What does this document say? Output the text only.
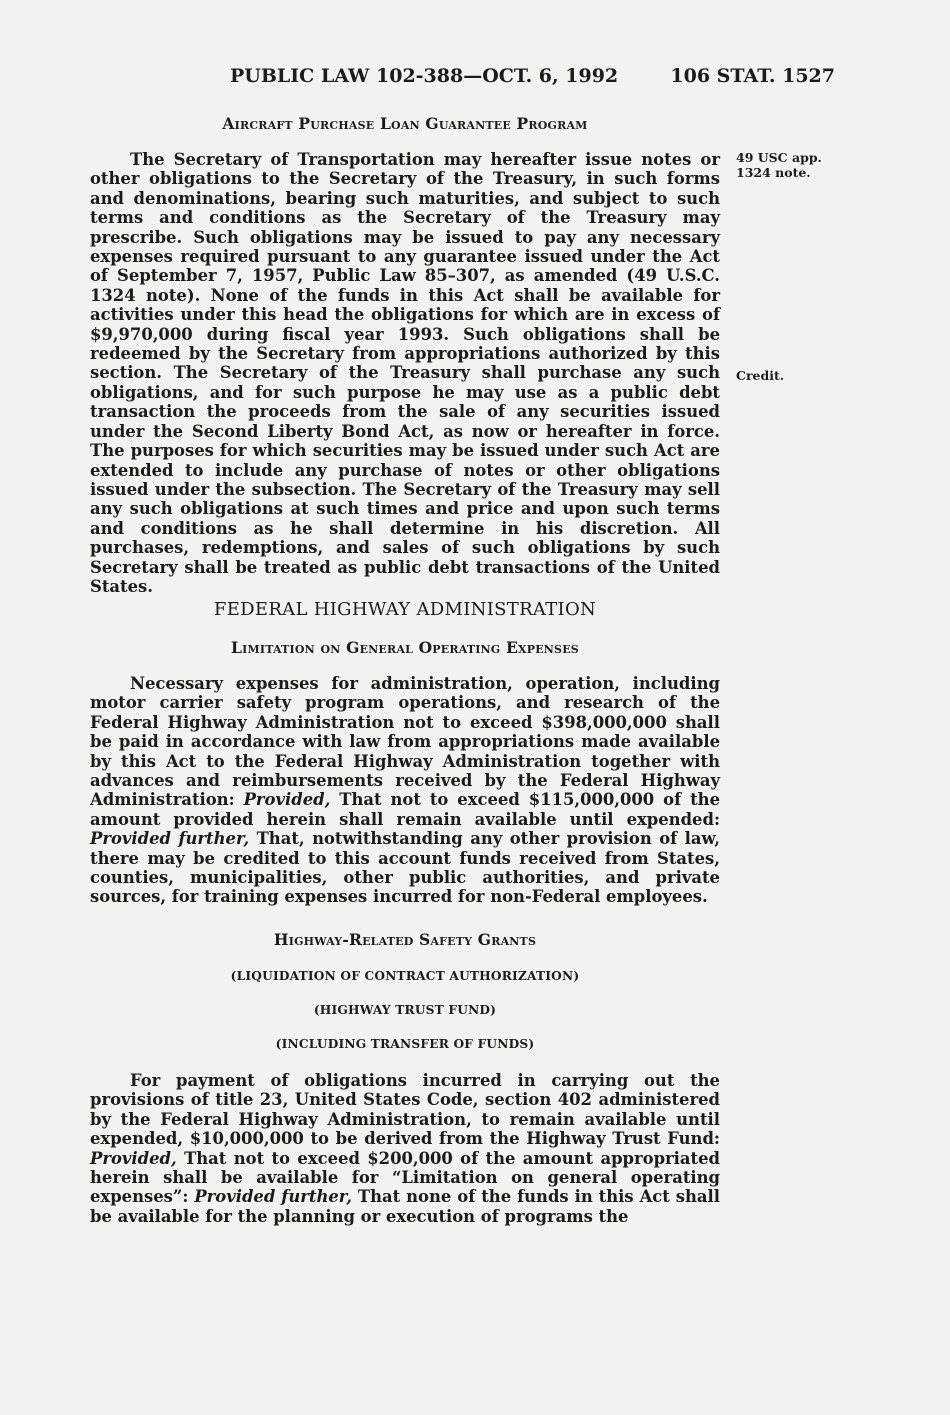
PUBLIC LAW 102-388—OCT. 6, 1992	106 STAT. 1527
Aircraft Purchase Loan Guarantee Program

The Secretary of Transportation may hereafter issue notes or other obligations to the Secretary of the Treasury, in such forms and denominations, bearing such maturities, and subject to such terms and conditions as the Secretary of the Treasury may prescribe. Such obligations may be issued to pay any necessary expenses required pursuant to any guarantee issued under the Act of September 7, 1957, Public Law 85–307, as amended (49 U.S.C. 1324 note). None of the funds in this Act shall be available for activities under this head the obligations for which are in excess of $9,970,000 during fiscal year 1993. Such obligations shall be redeemed by the Secretary from appropriations authorized by this section. The Secretary of the Treasury shall purchase any such obligations, and for such purpose he may use as a public debt transaction the proceeds from the sale of any securities issued under the Second Liberty Bond Act, as now or hereafter in force. The purposes for which securities may be issued under such Act are extended to include any purchase of notes or other obligations issued under the subsection. The Secretary of the Treasury may sell any such obligations at such times and price and upon such terms and conditions as he shall determine in his discretion. All purchases, redemptions, and sales of such obligations by such Secretary shall be treated as public debt transactions of the United States.

FEDERAL HIGHWAY ADMINISTRATION
Limitation on General Operating Expenses

Necessary expenses for administration, operation, including motor carrier safety program operations, and research of the Federal Highway Administration not to exceed $398,000,000 shall be paid in accordance with law from appropriations made available by this Act to the Federal Highway Administration together with advances and reimbursements received by the Federal Highway Administration: Provided, That not to exceed $115,000,000 of the amount provided herein shall remain available until expended: Provided further, That, notwithstanding any other provision of law, there may be credited to this account funds received from States, counties, municipalities, other public authorities, and private sources, for training expenses incurred for non-Federal employees.

Highway-Related Safety Grants
(LIQUIDATION OF CONTRACT AUTHORIZATION)
(HIGHWAY TRUST FUND)
(INCLUDING TRANSFER OF FUNDS)

For payment of obligations incurred in carrying out the provisions of title 23, United States Code, section 402 administered by the Federal Highway Administration, to remain available until expended, $10,000,000 to be derived from the Highway Trust Fund: Provided, That not to exceed $200,000 of the amount appropriated herein shall be available for “Limitation on general operating expenses”: Provided further, That none of the funds in this Act shall be available for the planning or execution of programs the

49 USC app.
1324 note.
Credit.
